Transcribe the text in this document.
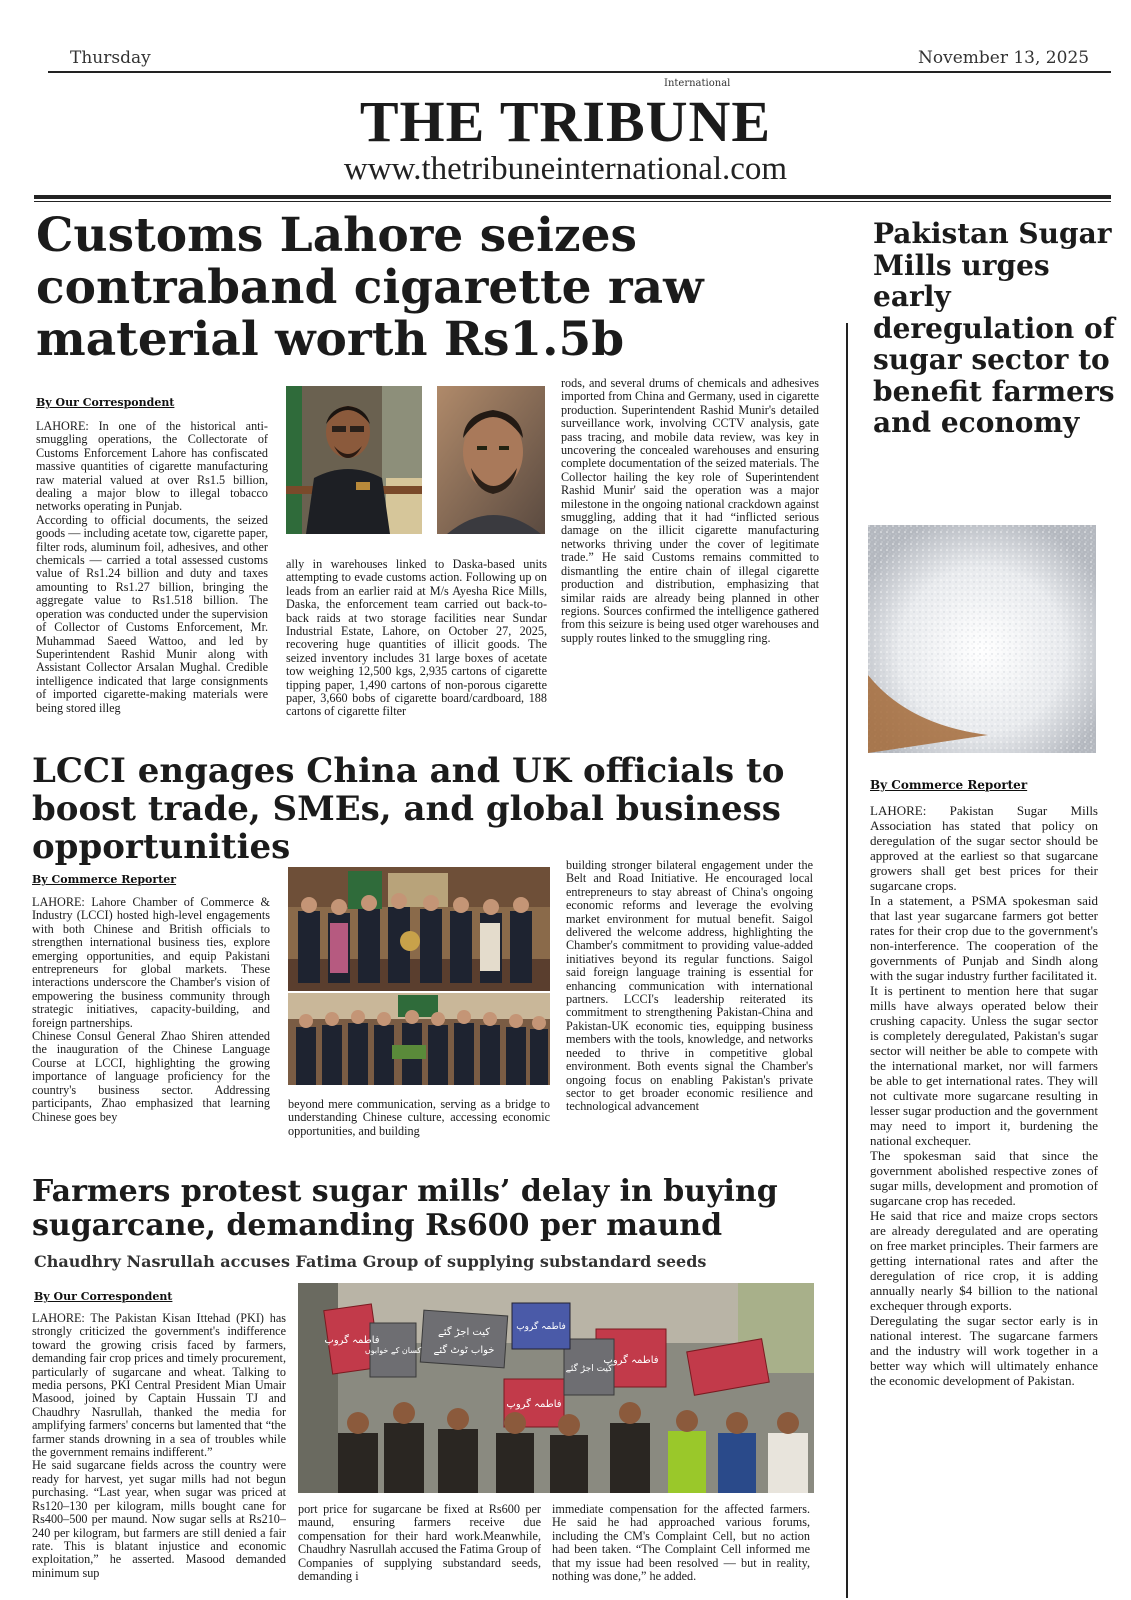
Thursday	November 13, 2025
International
THE TRIBUNE
www.thetribuneinternational.com
Customs Lahore seizes contraband cigarette raw material worth Rs1.5b
By Our Correspondent

LAHORE: In one of the historical anti-smuggling operations, the Collectorate of Customs Enforcement Lahore has confiscated massive quantities of cigarette manufacturing raw material valued at over Rs1.5 billion, dealing a major blow to illegal tobacco networks operating in Punjab.

According to official documents, the seized goods — including acetate tow, cigarette paper, filter rods, aluminum foil, adhesives, and other chemicals — carried a total assessed customs value of Rs1.24 billion and duty and taxes amounting to Rs1.27 billion, bringing the aggregate value to Rs1.518 billion. The operation was conducted under the supervision of Collector of Customs Enforcement, Mr. Muhammad Saeed Wattoo, and led by Superintendent Rashid Munir along with Assistant Collector Arsalan Mughal. Credible intelligence indicated that large consignments of imported cigarette-making materials were being stored illeg

ally in warehouses linked to Daska-based units attempting to evade customs action. Following up on leads from an earlier raid at M/s Ayesha Rice Mills, Daska, the enforcement team carried out back-to-back raids at two storage facilities near Sundar Industrial Estate, Lahore, on October 27, 2025, recovering huge quantities of illicit goods. The seized inventory includes 31 large boxes of acetate tow weighing 12,500 kgs, 2,935 cartons of cigarette tipping paper, 1,490 cartons of non-porous cigarette paper, 3,660 bobs of cigarette board/cardboard, 188 cartons of cigarette filter

rods, and several drums of chemicals and adhesives imported from China and Germany, used in cigarette production. Superintendent Rashid Munir's detailed surveillance work, involving CCTV analysis, gate pass tracing, and mobile data review, was key in uncovering the concealed warehouses and ensuring complete documentation of the seized materials. The Collector hailing the key role of Superintendent Rashid Munir' said the operation was a major milestone in the ongoing national crackdown against smuggling, adding that it had “inflicted serious damage on the illicit cigarette manufacturing networks thriving under the cover of legitimate trade.” He said Customs remains committed to dismantling the entire chain of illegal cigarette production and distribution, emphasizing that similar raids are already being planned in other regions. Sources confirmed the intelligence gathered from this seizure is being used otger warehouses and supply routes linked to the smuggling ring.

LCCI engages China and UK officials to boost trade, SMEs, and global business opportunities
By Commerce Reporter

LAHORE: Lahore Chamber of Commerce & Industry (LCCI) hosted high-level engagements with both Chinese and British officials to strengthen international business ties, explore emerging opportunities, and equip Pakistani entrepreneurs for global markets. These interactions underscore the Chamber's vision of empowering the business community through strategic initiatives, capacity-building, and foreign partnerships.

Chinese Consul General Zhao Shiren attended the inauguration of the Chinese Language Course at LCCI, highlighting the growing importance of language proficiency for the country's business sector. Addressing participants, Zhao emphasized that learning Chinese goes bey

beyond mere communication, serving as a bridge to understanding Chinese culture, accessing economic opportunities, and building

building stronger bilateral engagement under the Belt and Road Initiative. He encouraged local entrepreneurs to stay abreast of China's ongoing economic reforms and leverage the evolving market environment for mutual benefit. Saigol delivered the welcome address, highlighting the Chamber's commitment to providing value-added initiatives beyond its regular functions. Saigol said foreign language training is essential for enhancing communication with international partners. LCCI's leadership reiterated its commitment to strengthening Pakistan-China and Pakistan-UK economic ties, equipping business members with the tools, knowledge, and networks needed to thrive in competitive global environment. Both events signal the Chamber's ongoing focus on enabling Pakistan's private sector to get broader economic resilience and technological advancement

Farmers protest sugar mills’ delay in buying sugarcane, demanding Rs600 per maund
Chaudhry Nasrullah accuses Fatima Group of supplying substandard seeds
By Our Correspondent

LAHORE: The Pakistan Kisan Ittehad (PKI) has strongly criticized the government's indifference toward the growing crisis faced by farmers, demanding fair crop prices and timely procurement, particularly of sugarcane and wheat. Talking to media persons, PKI Central President Mian Umair Masood, joined by Captain Hussain TJ and Chaudhry Nasrullah, thanked the media for amplifying farmers' concerns but lamented that “the farmer stands drowning in a sea of troubles while the government remains indifferent.”

He said sugarcane fields across the country were ready for harvest, yet sugar mills had not begun purchasing. “Last year, when sugar was priced at Rs120–130 per kilogram, mills bought cane for Rs400–500 per maund. Now sugar sells at Rs210–240 per kilogram, but farmers are still denied a fair rate. This is blatant injustice and economic exploitation,” he asserted. Masood demanded minimum sup

فاطمہ گروپ
کسان کے خوابوں
کیت اجڑ گئے
خواب ٹوٹ گئے
فاطمہ گروپ
فاطمہ گروپ
کیت اجڑ گئے
فاطمہ گروپ

port price for sugarcane be fixed at Rs600 per maund, ensuring farmers receive due compensation for their hard work.Meanwhile, Chaudhry Nasrullah accused the Fatima Group of Companies of supplying substandard seeds, demanding i

immediate compensation for the affected farmers. He said he had approached various forums, including the CM's Complaint Cell, but no action had been taken. “The Complaint Cell informed me that my issue had been resolved — but in reality, nothing was done,” he added.

Pakistan Sugar Mills urges early deregulation of sugar sector to benefit farmers and economy
By Commerce Reporter

LAHORE: Pakistan Sugar Mills Association has stated that policy on deregulation of the sugar sector should be approved at the earliest so that sugarcane growers shall get best prices for their sugarcane crops.

In a statement, a PSMA spokesman said that last year sugarcane farmers got better rates for their crop due to the government's non-interference. The cooperation of the governments of Punjab and Sindh along with the sugar industry further facilitated it.

It is pertinent to mention here that sugar mills have always operated below their crushing capacity. Unless the sugar sector is completely deregulated, Pakistan's sugar sector will neither be able to compete with the international market, nor will farmers be able to get international rates. They will not cultivate more sugarcane resulting in lesser sugar production and the government may need to import it, burdening the national exchequer.

The spokesman said that since the government abolished respective zones of sugar mills, development and promotion of sugarcane crop has receded.

He said that rice and maize crops sectors are already deregulated and are operating on free market principles. Their farmers are getting international rates and after the deregulation of rice crop, it is adding annually nearly $4 billion to the national exchequer through exports.

Deregulating the sugar sector early is in national interest. The sugarcane farmers and the industry will work together in a better way which will ultimately enhance the economic development of Pakistan.
